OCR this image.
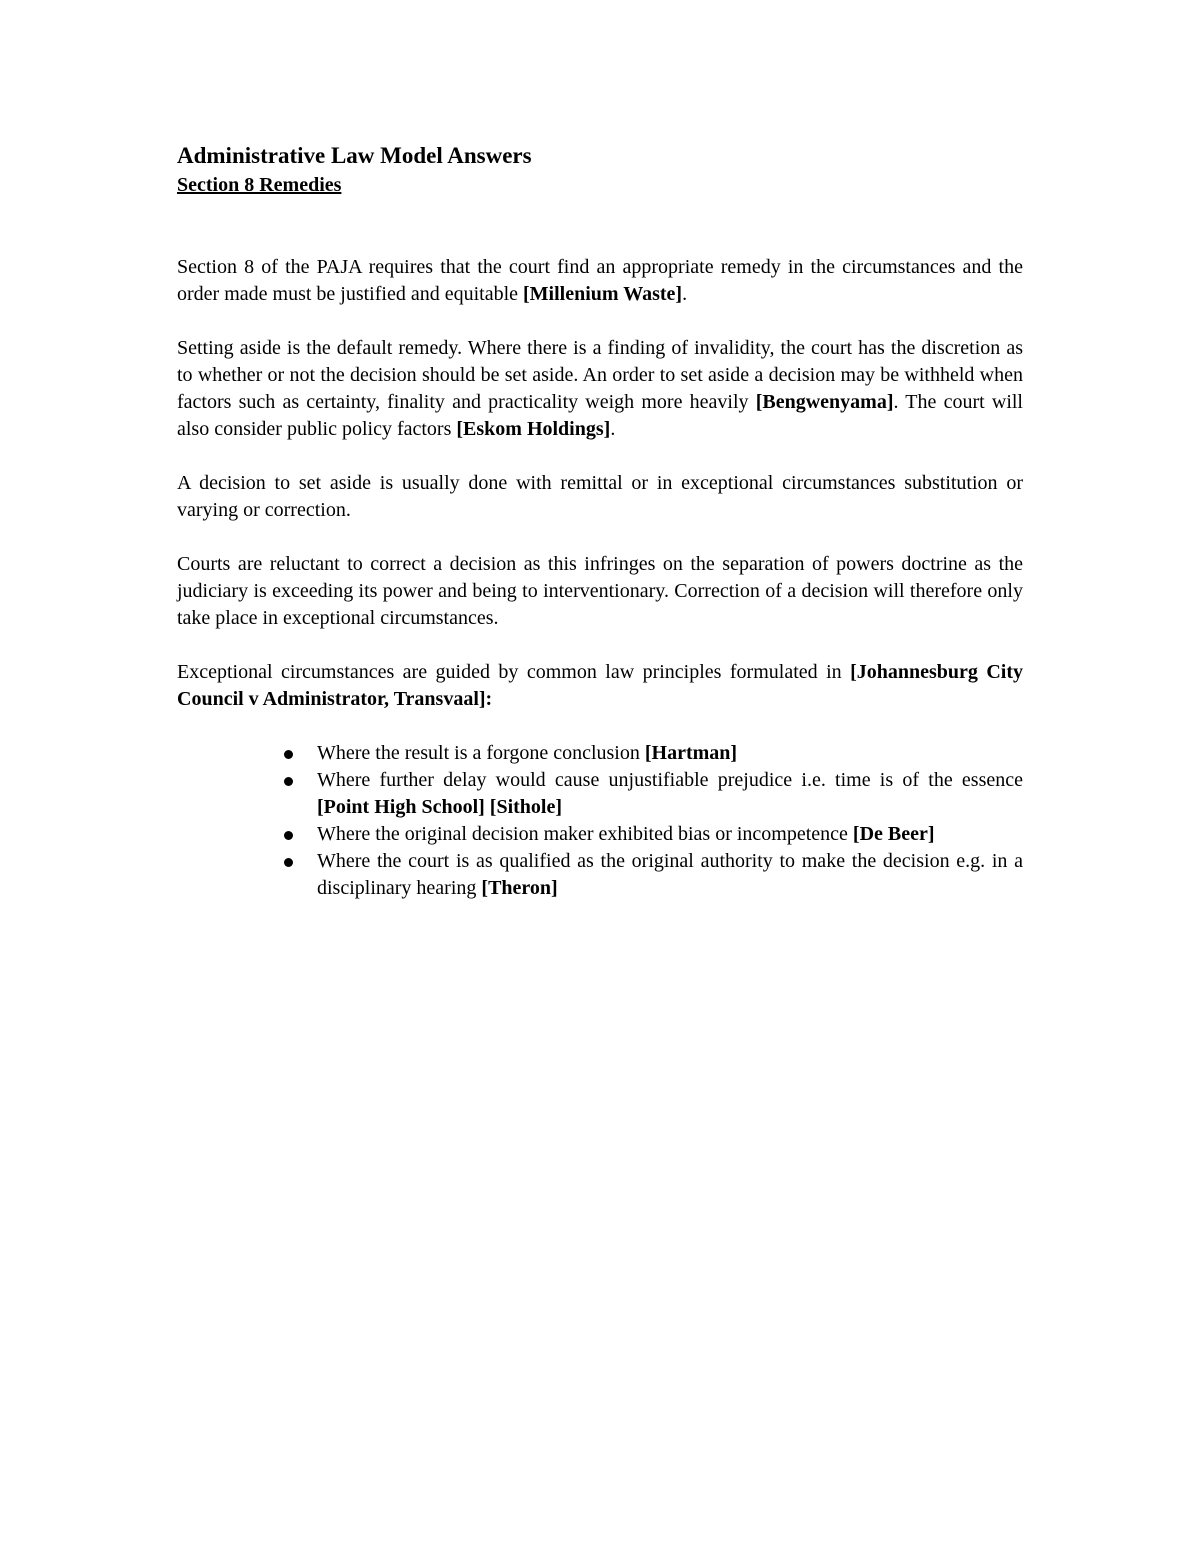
Administrative Law Model Answers
Section 8 Remedies

Section 8 of the PAJA requires that the court find an appropriate remedy in the circumstances and the order made must be justified and equitable [Millenium Waste].

Setting aside is the default remedy. Where there is a finding of invalidity, the court has the discretion as to whether or not the decision should be set aside. An order to set aside a decision may be withheld when factors such as certainty, finality and practicality weigh more heavily [Bengwenyama]. The court will also consider public policy factors [Eskom Holdings].

A decision to set aside is usually done with remittal or in exceptional circumstances substitution or varying or correction.

Courts are reluctant to correct a decision as this infringes on the separation of powers doctrine as the judiciary is exceeding its power and being to interventionary. Correction of a decision will therefore only take place in exceptional circumstances.

Exceptional circumstances are guided by common law principles formulated in [Johannesburg City Council v Administrator, Transvaal]:

Where the result is a forgone conclusion [Hartman]
Where further delay would cause unjustifiable prejudice i.e. time is of the essence [Point High School] [Sithole]
Where the original decision maker exhibited bias or incompetence [De Beer]
Where the court is as qualified as the original authority to make the decision e.g. in a disciplinary hearing [Theron]
